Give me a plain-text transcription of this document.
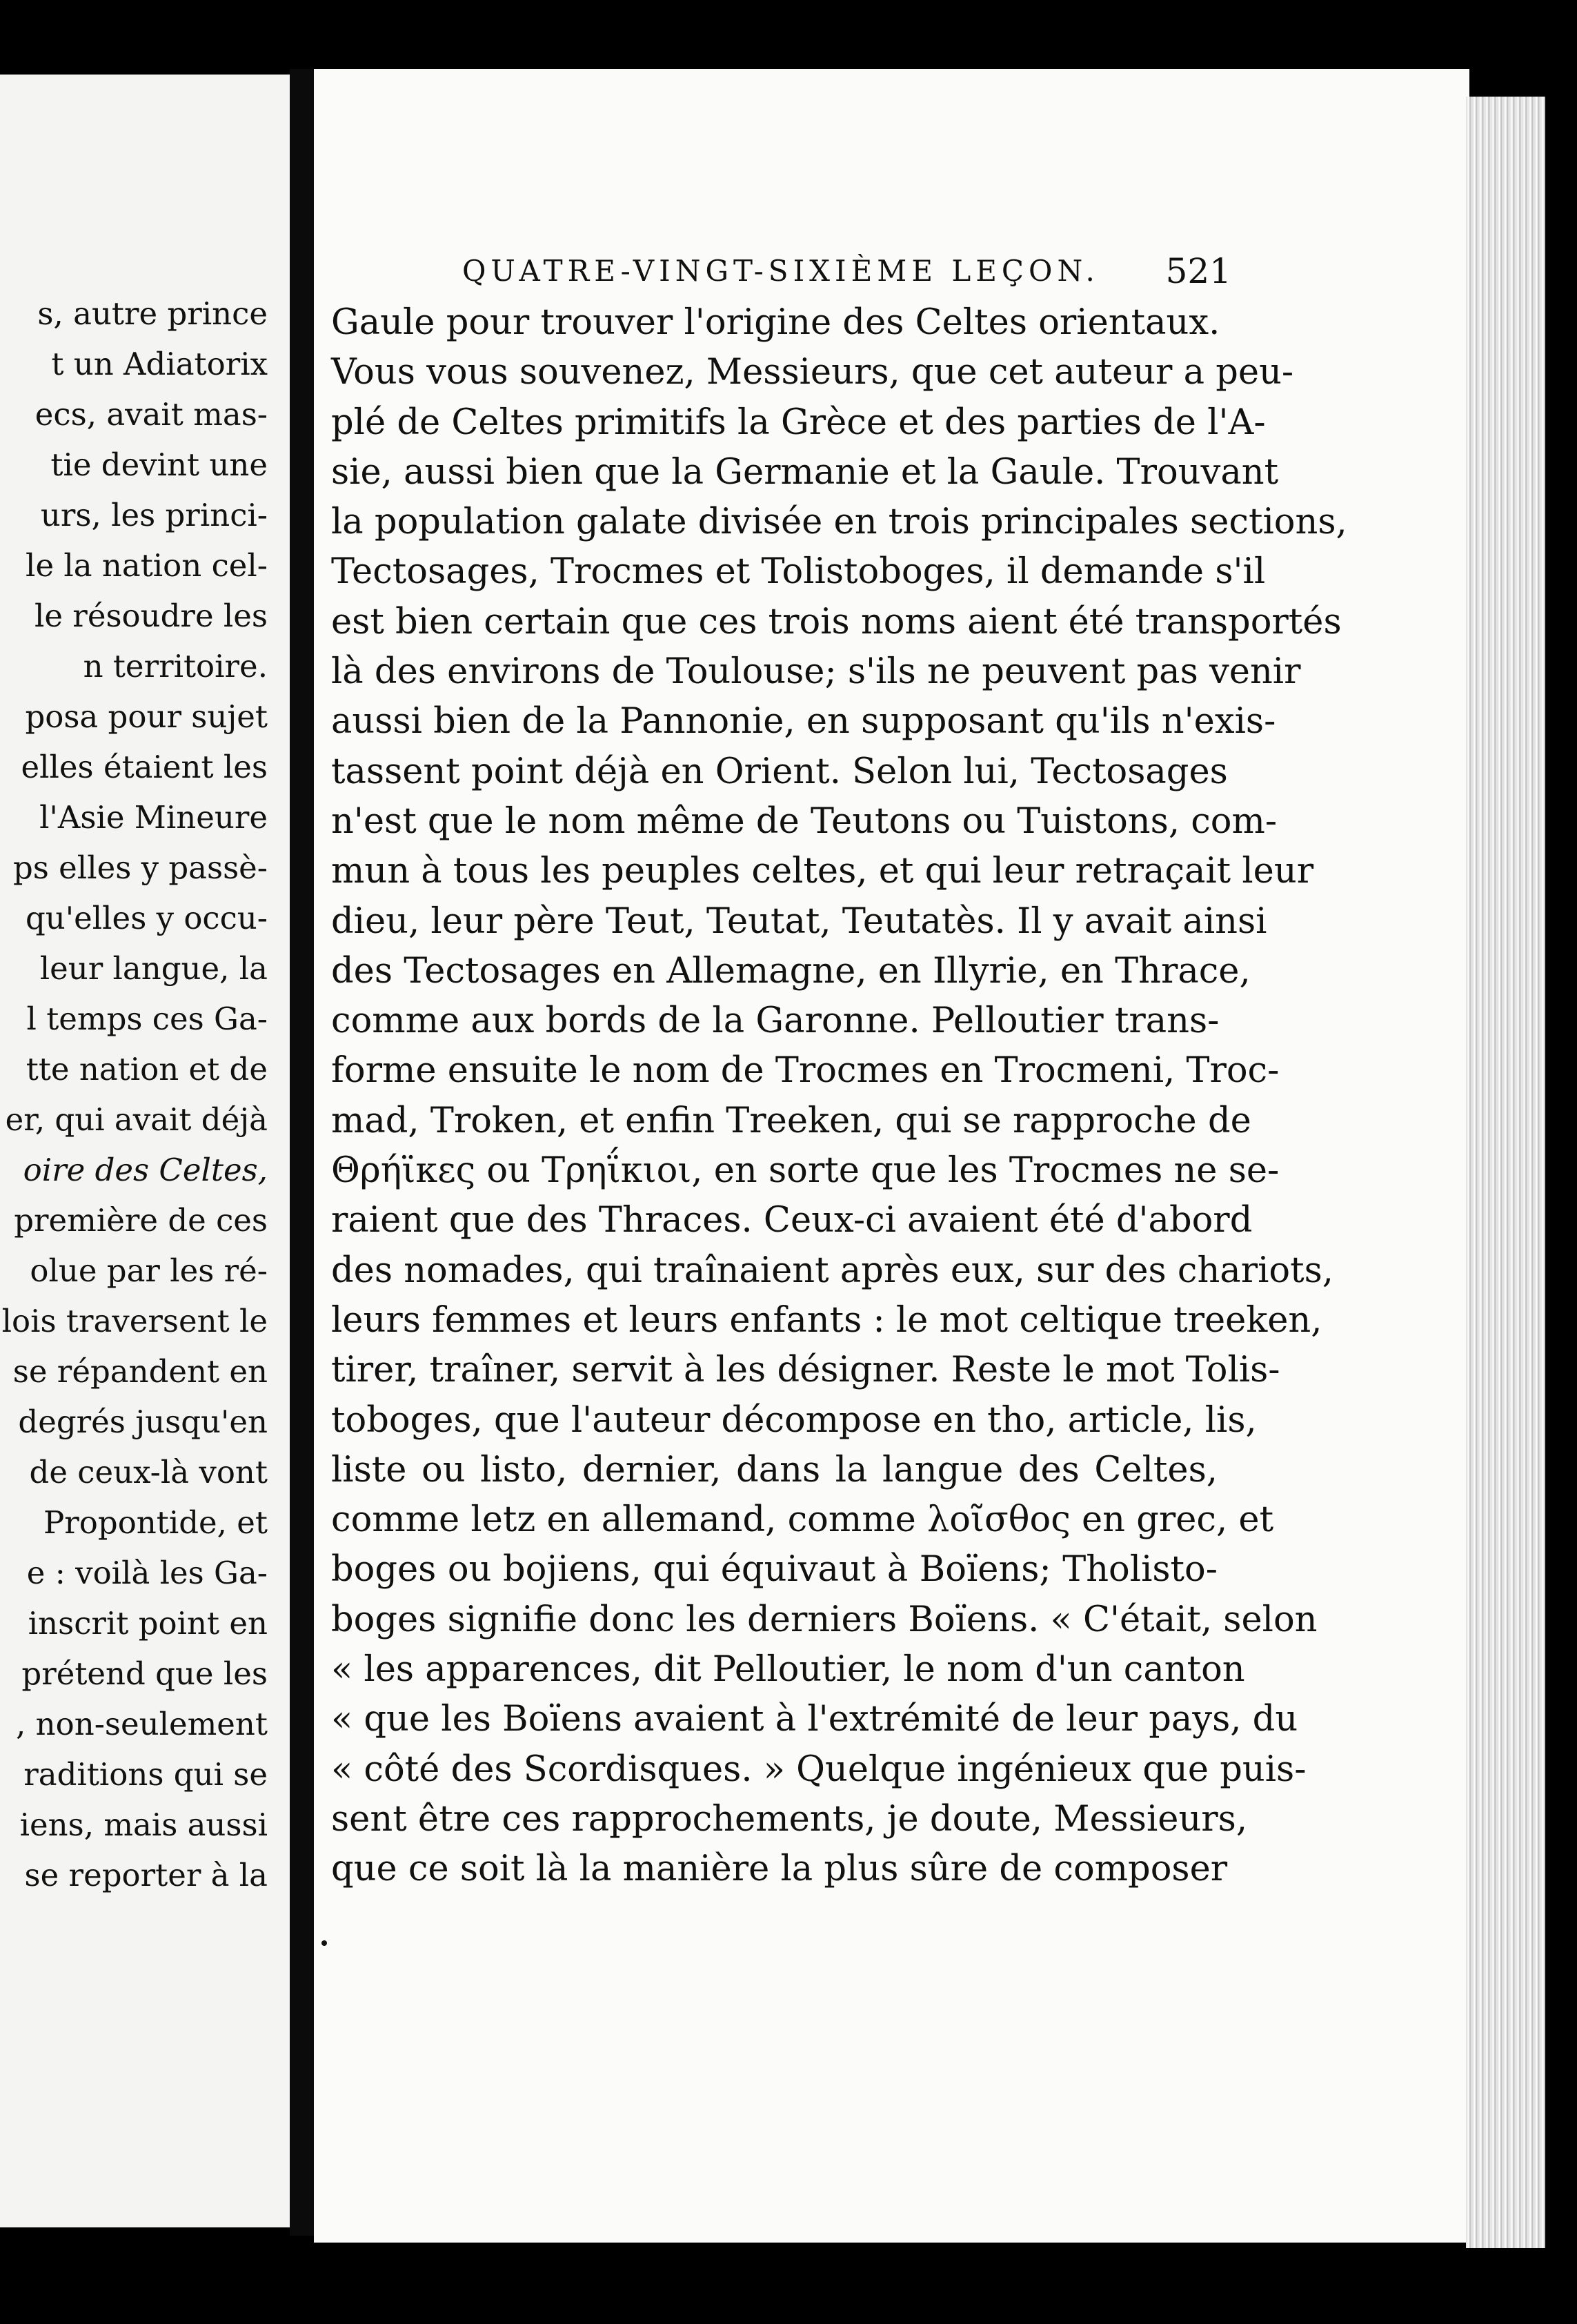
s, autre prince
t un Adiatorix
ecs, avait mas-
tie devint une
urs, les princi-
le la nation cel-
le résoudre les
n territoire.
posa pour sujet
elles étaient les
l'Asie Mineure
ps elles y passè-
qu'elles y occu-
leur langue, la
l temps ces Ga-
tte nation et de
er, qui avait déjà
oire des Celtes,
première de ces
olue par les ré-
lois traversent le
se répandent en
degrés jusqu'en
de ceux-là vont
Propontide, et
e : voilà les Ga-
inscrit point en
prétend que les
, non-seulement
raditions qui se
iens, mais aussi
se reporter à la
QUATRE-VINGT-SIXIÈME LEÇON. 521
Gaule pour trouver l'origine des Celtes orientaux.
Vous vous souvenez, Messieurs, que cet auteur a peu-
plé de Celtes primitifs la Grèce et des parties de l'A-
sie, aussi bien que la Germanie et la Gaule. Trouvant
la population galate divisée en trois principales sections,
Tectosages, Trocmes et Tolistoboges, il demande s'il
est bien certain que ces trois noms aient été transportés
là des environs de Toulouse; s'ils ne peuvent pas venir
aussi bien de la Pannonie, en supposant qu'ils n'exis-
tassent point déjà en Orient. Selon lui, Tectosages
n'est que le nom même de Teutons ou Tuistons, com-
mun à tous les peuples celtes, et qui leur retraçait leur
dieu, leur père Teut, Teutat, Teutatès. Il y avait ainsi
des Tectosages en Allemagne, en Illyrie, en Thrace,
comme aux bords de la Garonne. Pelloutier trans-
forme ensuite le nom de Trocmes en Trocmeni, Troc-
mad, Troken, et enfin Treeken, qui se rapproche de
Θρήϊκες ou Τρηΐκιοι, en sorte que les Trocmes ne se-
raient que des Thraces. Ceux-ci avaient été d'abord
des nomades, qui traînaient après eux, sur des chariots,
leurs femmes et leurs enfants : le mot celtique treeken,
tirer, traîner, servit à les désigner. Reste le mot Tolis-
toboges, que l'auteur décompose en tho, article, lis,
liste ou listo, dernier, dans la langue des Celtes,
comme letz en allemand, comme λοῖσθος en grec, et
boges ou bojiens, qui équivaut à Boïens; Tholisto-
boges signifie donc les derniers Boïens. « C'était, selon
« les apparences, dit Pelloutier, le nom d'un canton
« que les Boïens avaient à l'extrémité de leur pays, du
« côté des Scordisques. » Quelque ingénieux que puis-
sent être ces rapprochements, je doute, Messieurs,
que ce soit là la manière la plus sûre de composer
